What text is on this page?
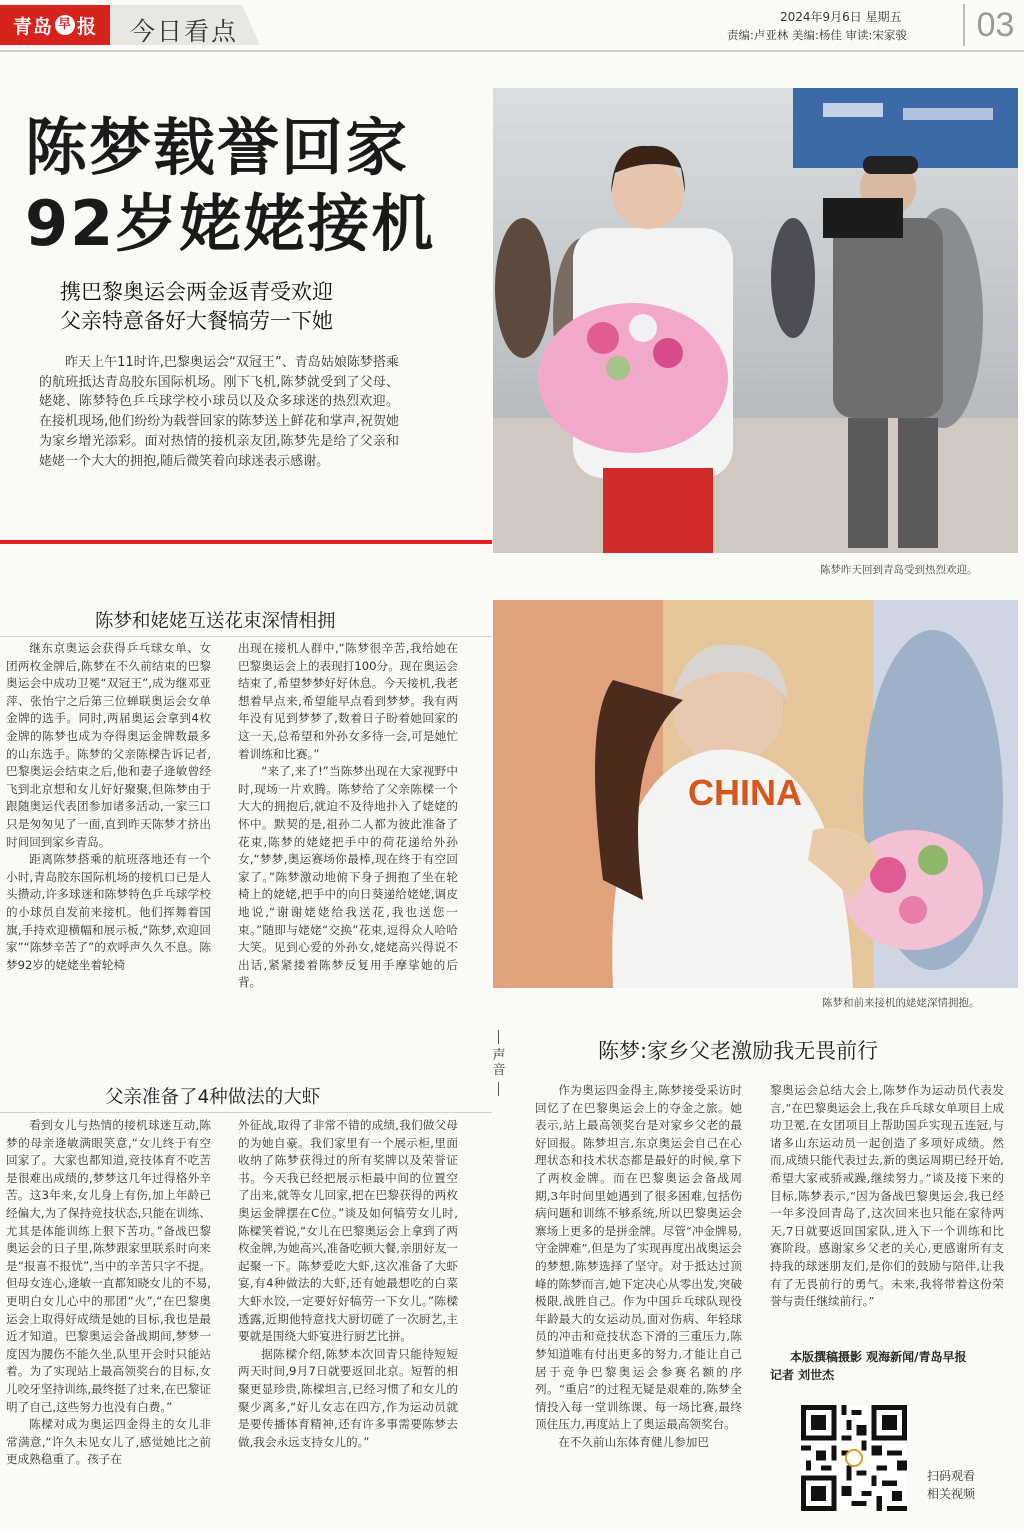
青岛 早 报 今日看点	2024年9月6日 星期五
责编:卢亚林 美编:杨佳 审读:宋家骏	03
陈梦载誉回家
92岁姥姥接机
携巴黎奥运会两金返青受欢迎
父亲特意备好大餐犒劳一下她
昨天上午11时许,巴黎奥运会“双冠王”、青岛姑娘陈梦搭乘的航班抵达青岛胶东国际机场。刚下飞机,陈梦就受到了父母、姥姥、陈梦特色乒乓球学校小球员以及众多球迷的热烈欢迎。在接机现场,他们纷纷为载誉回家的陈梦送上鲜花和掌声,祝贺她为家乡增光添彩。面对热情的接机亲友团,陈梦先是给了父亲和姥姥一个大大的拥抱,随后微笑着向球迷表示感谢。
陈梦昨天回到青岛受到热烈欢迎。
CHINA
陈梦和前来接机的姥姥深情拥抱。
陈梦和姥姥互送花束深情相拥

继东京奥运会获得乒乓球女单、女团两枚金牌后,陈梦在不久前结束的巴黎奥运会中成功卫冕“双冠王”,成为继邓亚萍、张怡宁之后第三位蝉联奥运会女单金牌的选手。同时,两届奥运会拿到4枚金牌的陈梦也成为夺得奥运金牌数最多的山东选手。陈梦的父亲陈樑告诉记者,巴黎奥运会结束之后,他和妻子逄敏曾经飞到北京想和女儿好好聚聚,但陈梦由于跟随奥运代表团参加诸多活动,一家三口只是匆匆见了一面,直到昨天陈梦才挤出时间回到家乡青岛。

距离陈梦搭乘的航班落地还有一个小时,青岛胶东国际机场的接机口已是人头攒动,许多球迷和陈梦特色乒乓球学校的小球员自发前来接机。他们挥舞着国旗,手持欢迎横幅和展示板,“陈梦,欢迎回家”“陈梦辛苦了”的欢呼声久久不息。陈梦92岁的姥姥坐着轮椅

出现在接机人群中,“陈梦很辛苦,我给她在巴黎奥运会上的表现打100分。现在奥运会结束了,希望梦梦好好休息。今天接机,我老想着早点来,希望能早点看到梦梦。我有两年没有见到梦梦了,数着日子盼着她回家的这一天,总希望和外孙女多待一会,可是她忙着训练和比赛。”

“来了,来了!”当陈梦出现在大家视野中时,现场一片欢腾。陈梦给了父亲陈樑一个大大的拥抱后,就迫不及待地扑入了姥姥的怀中。默契的是,祖孙二人都为彼此准备了花束,陈梦的姥姥把手中的荷花递给外孙女,“梦梦,奥运赛场你最棒,现在终于有空回家了。”陈梦激动地俯下身子拥抱了坐在轮椅上的姥姥,把手中的向日葵递给姥姥,调皮地说,“谢谢姥姥给我送花,我也送您一束。”随即与姥姥“交换”花束,逗得众人哈哈大笑。见到心爱的外孙女,姥姥高兴得说不出话,紧紧搂着陈梦反复用手摩挲她的后背。

父亲准备了4种做法的大虾

看到女儿与热情的接机球迷互动,陈梦的母亲逄敏满眼笑意,“女儿终于有空回家了。大家也都知道,竞技体育不吃苦是很难出成绩的,梦梦这几年过得格外辛苦。这3年来,女儿身上有伤,加上年龄已经偏大,为了保持竞技状态,只能在训练、尤其是体能训练上狠下苦功。”备战巴黎奥运会的日子里,陈梦跟家里联系时向来是“报喜不报忧”,当中的辛苦只字不提。但母女连心,逄敏一直都知晓女儿的不易,更明白女儿心中的那团“火”,“在巴黎奥运会上取得好成绩是她的目标,我也是最近才知道。巴黎奥运会备战期间,梦梦一度因为腰伤不能久坐,队里开会时只能站着。为了实现站上最高领奖台的目标,女儿咬牙坚持训练,最终挺了过来,在巴黎证明了自己,这些努力也没有白费。”

陈樑对成为奥运四金得主的女儿非常满意,“许久未见女儿了,感觉她比之前更成熟稳重了。孩子在

外征战,取得了非常不错的成绩,我们做父母的为她自豪。我们家里有一个展示柜,里面收纳了陈梦获得过的所有奖牌以及荣誉证书。今天我已经把展示柜最中间的位置空了出来,就等女儿回家,把在巴黎获得的两枚奥运金牌摆在C位。”谈及如何犒劳女儿时,陈樑笑着说,“女儿在巴黎奥运会上拿到了两枚金牌,为她高兴,准备吃顿大餐,亲朋好友一起聚一下。陈梦爱吃大虾,这次准备了大虾宴,有4种做法的大虾,还有她最想吃的白菜大虾水饺,一定要好好犒劳一下女儿。”陈樑透露,近期他特意找大厨切磋了一次厨艺,主要就是围绕大虾宴进行厨艺比拼。

据陈樑介绍,陈梦本次回青只能待短短两天时间,9月7日就要返回北京。短暂的相聚更显珍贵,陈樑坦言,已经习惯了和女儿的聚少离多,“好儿女志在四方,作为运动员就是要传播体育精神,还有许多事需要陈梦去做,我会永远支持女儿的。”

声音
陈梦:家乡父老激励我无畏前行

作为奥运四金得主,陈梦接受采访时回忆了在巴黎奥运会上的夺金之旅。她表示,站上最高领奖台是对家乡父老的最好回报。陈梦坦言,东京奥运会自己在心理状态和技术状态都是最好的时候,拿下了两枚金牌。而在巴黎奥运会备战周期,3年时间里她遇到了很多困难,包括伤病问题和训练不够系统,所以巴黎奥运会寨场上更多的是拼金牌。尽管“冲金牌易,守金牌难”,但是为了实现再度出战奥运会的梦想,陈梦选择了坚守。对于抵达过顶峰的陈梦而言,她下定决心从零出发,突破极限,战胜自己。作为中国乒乓球队现役年龄最大的女运动员,面对伤病、年轻球员的冲击和竞技状态下滑的三重压力,陈梦知道唯有付出更多的努力,才能让自己居于竞争巴黎奥运会参赛名额的序列。“重启”的过程无疑是艰难的,陈梦全情投入每一堂训练课、每一场比赛,最终顶住压力,再度站上了奥运最高领奖台。

在不久前山东体育健儿参加巴

黎奥运会总结大会上,陈梦作为运动员代表发言,“在巴黎奥运会上,我在乒乓球女单项目上成功卫冕,在女团项目上帮助国乒实现五连冠,与诸多山东运动员一起创造了多项好成绩。然而,成绩只能代表过去,新的奥运周期已经开始,希望大家戒骄戒躁,继续努力。”谈及接下来的目标,陈梦表示,“因为备战巴黎奥运会,我已经一年多没回青岛了,这次回来也只能在家待两天,7日就要返回国家队,进入下一个训练和比赛阶段。感谢家乡父老的关心,更感谢所有支持我的球迷朋友们,是你们的鼓励与陪伴,让我有了无畏前行的勇气。未来,我将带着这份荣誉与责任继续前行。”

本版撰稿摄影 观海新闻/青岛早报
记者 刘世杰
扫码观看
相关视频
